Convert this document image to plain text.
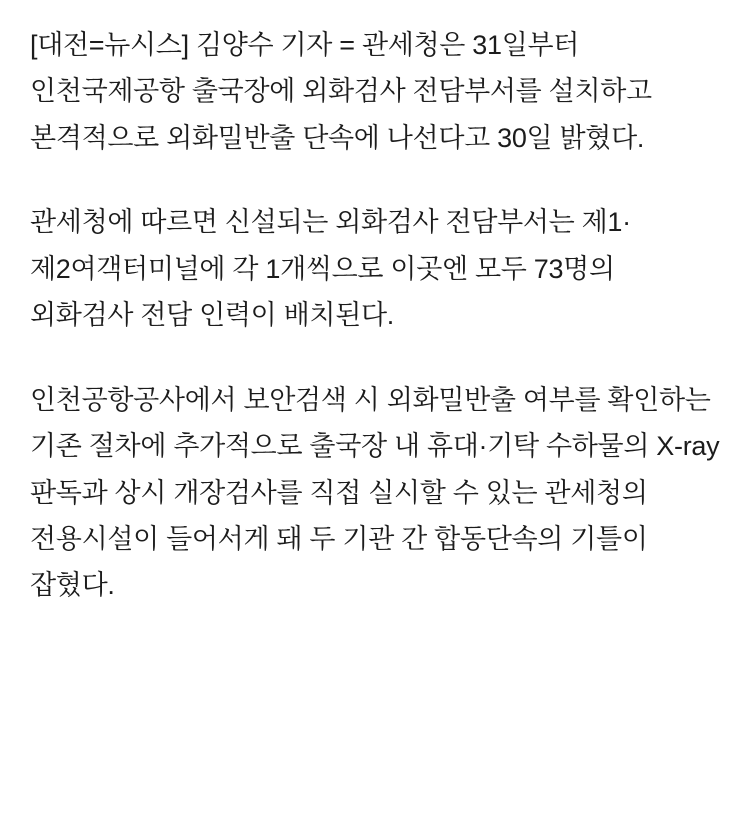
[대전=뉴시스] 김양수 기자 = 관세청은 31일부터 인천국제공항 출국장에 외화검사 전담부서를 설치하고 본격적으로 외화밀반출 단속에 나선다고 30일 밝혔다.

관세청에 따르면 신설되는 외화검사 전담부서는 제1·제2여객터미널에 각 1개씩으로 이곳엔 모두 73명의 외화검사 전담 인력이 배치된다.

인천공항공사에서 보안검색 시 외화밀반출 여부를 확인하는 기존 절차에 추가적으로 출국장 내 휴대·기탁 수하물의 X-ray 판독과 상시 개장검사를 직접 실시할 수 있는 관세청의 전용시설이 들어서게 돼 두 기관 간 합동단속의 기틀이 잡혔다.
